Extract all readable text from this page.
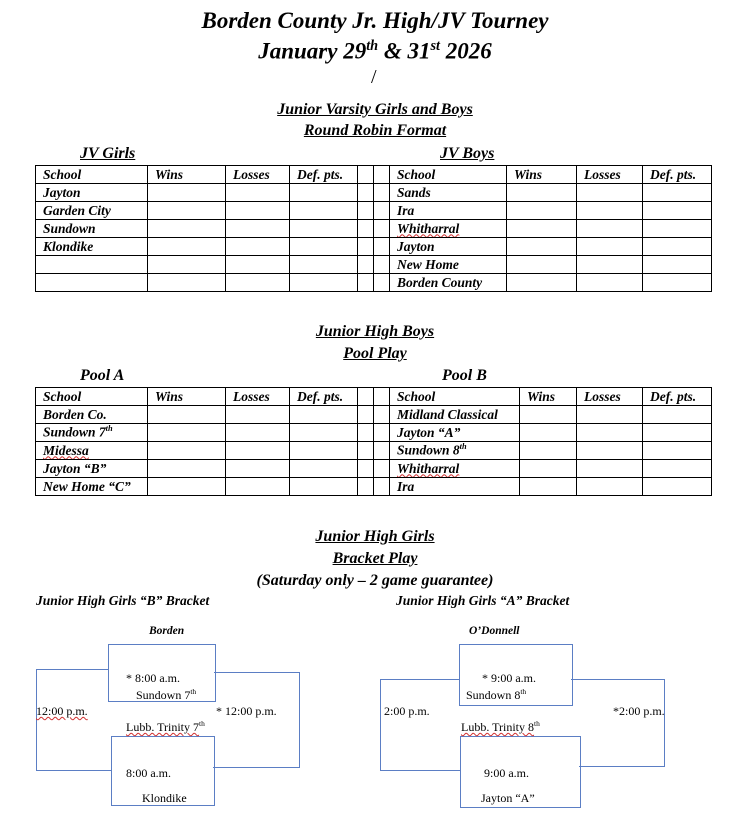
Borden County Jr. High/JV Tourney
January 29th & 31st 2026
/
Junior Varsity Girls and Boys
Round Robin Format
JV Girls	JV Boys
School	Wins	Losses	Def. pts.			School	Wins	Losses	Def. pts.
Jayton						Sands			
Garden City						Ira			
Sundown						Whitharral			
Klondike						Jayton			
						New Home			
						Borden County			
Junior High Boys
Pool Play
Pool A	Pool B
School	Wins	Losses	Def. pts.			School	Wins	Losses	Def. pts.
Borden Co.						Midland Classical			
Sundown 7th						Jayton “A”			
Midessa						Sundown 8th			
Jayton “B”						Whitharral			
New Home “C”						Ira			
Junior High Girls
Bracket Play
(Saturday only – 2 game guarantee)
Junior High Girls “B” Bracket	Junior High Girls “A” Bracket
Borden
* 8:00 a.m.
Sundown 7th
12:00 p.m.	* 12:00 p.m.
Lubb. Trinity 7th
8:00 a.m.
Klondike
O’Donnell
* 9:00 a.m.
Sundown 8th
2:00 p.m.	*2:00 p.m.
Lubb. Trinity 8th
9:00 a.m.
Jayton “A”
